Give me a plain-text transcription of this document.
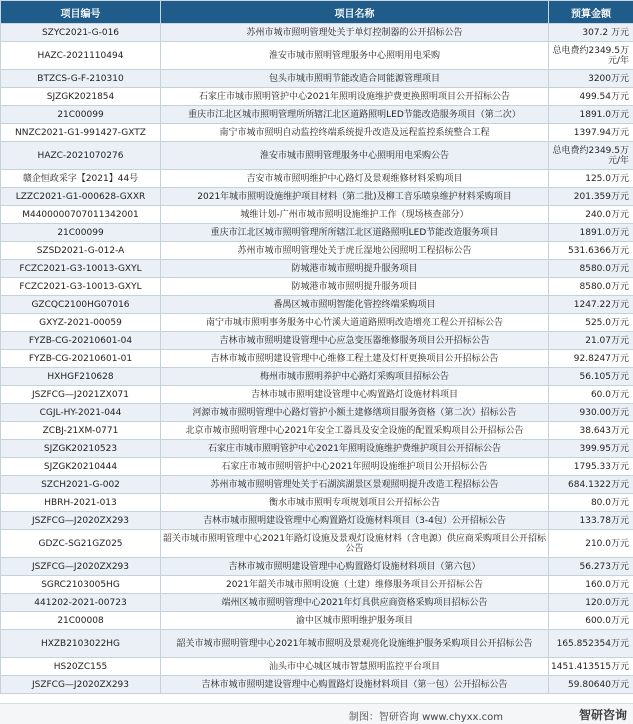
项目编号	项目名称	预算金额
SZYC2021-G-016	苏州市城市照明管理处关于单灯控制器的公开招标公告	307.2 万元
HAZC-2021110494	淮安市城市照明管理服务中心照明用电采购	总电费约2349.5万元/年
BTZCS-G-F-210310	包头市城市照明节能改造合同能源管理项目	3200万元
SJZGK2021854	石家庄市城市照明管护中心2021年照明设施维护费更换照明项目公开招标公告	499.54万元
21C00099	重庆市江北区城市照明管理所所辖江北区道路照明LED节能改造服务项目（第二次）	1891.0万元
NNZC2021-G1-991427-GXTZ	南宁市城市照明自动监控终端系统提升改造及远程监控系统整合工程	1397.94万元
HAZC-2021070276	淮安市城市照明管理服务中心照明用电采购公告	总电费约2349.5万元/年
赣企恒政采字【2021】44号	吉安市城市照明维护中心路灯及景观维修材料采购项目	125.0万元
LZZC2021-G1-000628-GXXR	2021年城市照明设施维护项目材料（第二批)及柳工音乐喷泉维护材料采购项目	201.359万元
M4400000707011342001	城维计划-广州市城市照明设施维护工作（现场核查部分）	240.0万元
21C00099	重庆市江北区城市照明管理所所辖江北区道路照明LED节能改造服务项目	1891.0万元
SZSD2021-G-012-A	苏州市城市照明管理处关于虎丘湿地公园照明工程招标公告	531.6366万元
FCZC2021-G3-10013-GXYL	防城港市城市照明提升服务项目	8580.0万元
FCZC2021-G3-10013-GXYL	防城港市城市照明提升服务项目	8580.0万元
GZCQC2100HG07016	番禺区城市照明智能化管控终端采购项目	1247.22万元
GXYZ-2021-00059	南宁市城市照明事务服务中心竹溪大道道路照明改造增亮工程公开招标公告	525.0万元
FYZB-CG-20210601-04	吉林市城市照明建设管理中心应急变压器维修服务项目公开招标公告	21.07万元
FYZB-CG-20210601-01	吉林市城市照明建设管理中心维修工程土建及灯杆更换项目公开招标公告	92.8247万元
HXHGF210628	梅州市城市照明养护中心路灯采购项目招标公告	56.105万元
JSZFCG—J2021ZX071	吉林市城市照明建设管理中心购置路灯设施材料项目	60.0万元
CGJL-HY-2021-044	河源市城市照明管理中心路灯管护小额土建修缮项目服务资格（第二次）招标公告	930.00万元
ZCBJ-21XM-0771	北京市城市照明管理中心2021年安全工器具及安全设施的配置采购项目公开招标公告	38.643万元
SJZGK20210523	石家庄市城市照明管护中心2021年照明设施维护费维护项目公开招标公告	399.95万元
SJZGK20210444	石家庄市城市照明管护中心2021年照明设施维护项目公开招标公告	1795.33万元
SZCH2021-G-002	苏州市城市照明管理处关于石湖滨湖景区景观照明提升改造工程招标公告	684.1322万元
HBRH-2021-013	衡水市城市照明专项规划项目公开招标公告	80.0万元
JSZFCG—J2020ZX293	吉林市城市照明建设管理中心购置路灯设施材料项目（3-4包）公开招标公告	133.78万元
GDZC-SG21GZ025	韶关市城市照明管理中心2021年路灯设施及景观灯设施材料（含电源）供应商采购项目公开招标公告	210.0万元
JSZFCG—J2020ZX293	吉林市城市照明建设管理中心购置路灯设施材料项目（第六包）	56.273万元
SGRC2103005HG	2021年韶关市城市照明设施（土建）维修服务项目公开招标公告	160.0万元
441202-2021-00723	端州区城市照明管理中心2021年灯具供应商资格采购项目招标公告	120.0万元
21C00008	渝中区城市照明维护服务项目	600.0万元
HXZB2103022HG	韶关市城市照明管理中心2021年城市照明及景观亮化设施维护服务采购项目公开招标公告	165.852354万元
HS20ZC155	汕头市中心城区城市智慧照明监控平台项目	1451.413515万元
JSZFCG—J2020ZX293	吉林市城市照明建设管理中心购置路灯设施材料项目（第一包）公开招标公告	59.80640万元
制图：智研咨询 www.chyxx.com	智研咨询
